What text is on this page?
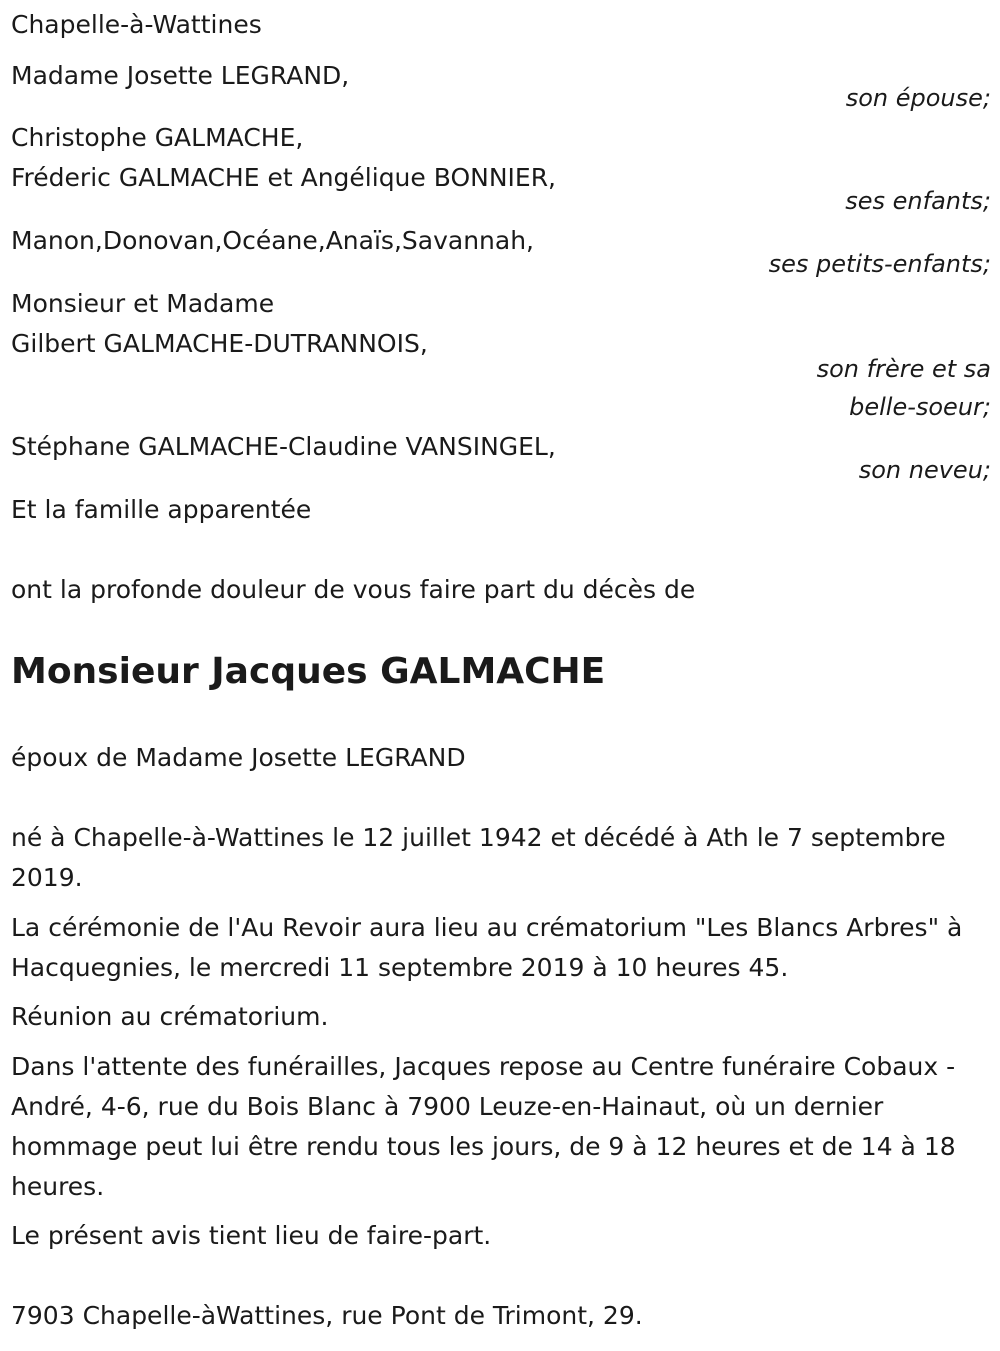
Chapelle-à-Wattines

Madame Josette LEGRAND,

son épouse;

Christophe GALMACHE,

Fréderic GALMACHE et Angélique BONNIER,

ses enfants;

Manon,Donovan,Océane,Anaïs,Savannah,

ses petits-enfants;

Monsieur et Madame

Gilbert GALMACHE-DUTRANNOIS,

son frère et sa

belle-soeur;

Stéphane GALMACHE-Claudine VANSINGEL,

son neveu;

Et la famille apparentée

ont la profonde douleur de vous faire part du décès de

Monsieur Jacques GALMACHE

époux de Madame Josette LEGRAND

né à Chapelle-à-Wattines le 12 juillet 1942 et décédé à Ath le 7 septembre 2019.

La cérémonie de l'Au Revoir aura lieu au crématorium "Les Blancs Arbres" à Hacquegnies, le mercredi 11 septembre 2019 à 10 heures 45.

Réunion au crématorium.

Dans l'attente des funérailles, Jacques repose au Centre funéraire Cobaux - André, 4-6, rue du Bois Blanc à 7900 Leuze-en-Hainaut, où un dernier hommage peut lui être rendu tous les jours, de 9 à 12 heures et de 14 à 18 heures.

Le présent avis tient lieu de faire-part.

7903 Chapelle-àWattines, rue Pont de Trimont, 29.
